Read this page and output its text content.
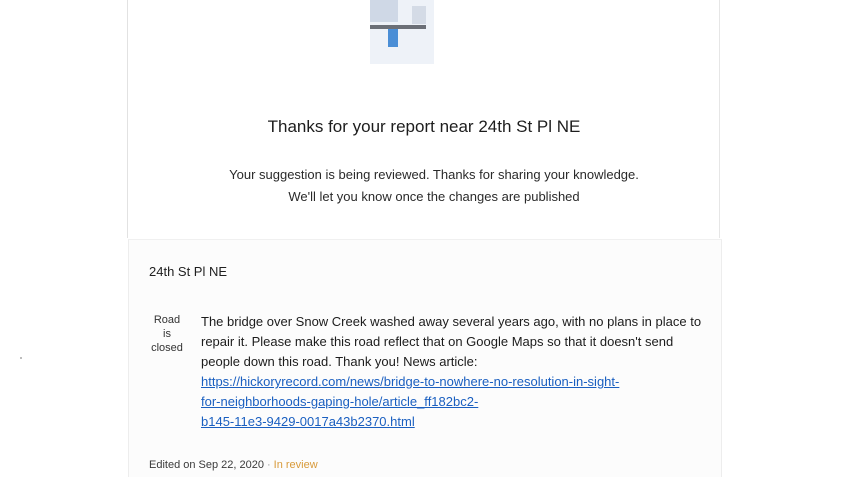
Thanks for your report near 24th St Pl NE
Your suggestion is being reviewed. Thanks for sharing your knowledge.
We'll let you know once the changes are published
24th St Pl NE
Road
is
closed
The bridge over Snow Creek washed away several years ago, with no plans in place to repair it. Please make this road reflect that on Google Maps so that it doesn't send people down this road. Thank you! News article:
https://hickoryrecord.com/news/bridge-to-nowhere-no-resolution-in-sight-
for-neighborhoods-gaping-hole/article_ff182bc2-
b145-11e3-9429-0017a43b2370.html
Edited on Sep 22, 2020 · In review
